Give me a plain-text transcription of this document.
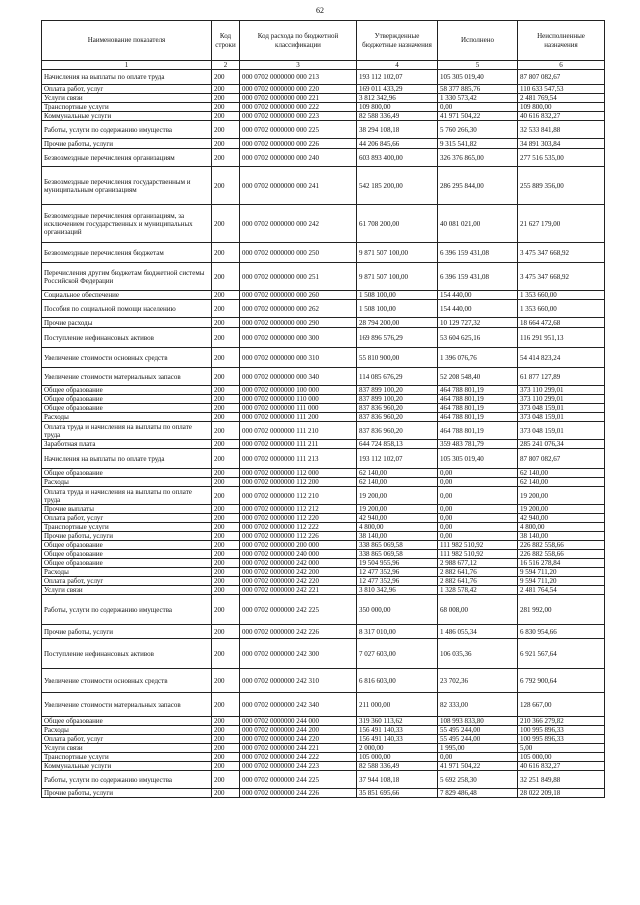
62
Наименование показателя	Код строки	Код расхода по бюджетной классификации	Утвержденные бюджетные назначения	Исполнено	Неисполненные назначения
1	2	3	4	5	6
Начисления на выплаты по оплате труда	200	000 0702 0000000 000 213	193 112 102,07	105 305 019,40	87 807 082,67
Оплата работ, услуг	200	000 0702 0000000 000 220	169 011 433,29	58 377 885,76	110 633 547,53
Услуги связи	200	000 0702 0000000 000 221	3 812 342,96	1 330 573,42	2 481 769,54
Транспортные услуги	200	000 0702 0000000 000 222	109 800,00	0,00	109 800,00
Коммунальные услуги	200	000 0702 0000000 000 223	82 588 336,49	41 971 504,22	40 616 832,27
Работы, услуги по содержанию имущества	200	000 0702 0000000 000 225	38 294 108,18	5 760 266,30	32 533 841,88
Прочие работы, услуги	200	000 0702 0000000 000 226	44 206 845,66	9 315 541,82	34 891 303,84
Безвозмездные перечисления организациям	200	000 0702 0000000 000 240	603 893 400,00	326 376 865,00	277 516 535,00
Безвозмездные перечисления государственным и муниципальным организациям	200	000 0702 0000000 000 241	542 185 200,00	286 295 844,00	255 889 356,00
Безвозмездные перечисления организациям, за исключением государственных и муниципальных организаций	200	000 0702 0000000 000 242	61 708 200,00	40 081 021,00	21 627 179,00
Безвозмездные перечисления бюджетам	200	000 0702 0000000 000 250	9 871 507 100,00	6 396 159 431,08	3 475 347 668,92
Перечисления другим бюджетам бюджетной системы Российской Федерации	200	000 0702 0000000 000 251	9 871 507 100,00	6 396 159 431,08	3 475 347 668,92
Социальное обеспечение	200	000 0702 0000000 000 260	1 508 100,00	154 440,00	1 353 660,00
Пособия по социальной помощи населению	200	000 0702 0000000 000 262	1 508 100,00	154 440,00	1 353 660,00
Прочие расходы	200	000 0702 0000000 000 290	28 794 200,00	10 129 727,32	18 664 472,68
Поступление нефинансовых активов	200	000 0702 0000000 000 300	169 896 576,29	53 604 625,16	116 291 951,13
Увеличение стоимости основных средств	200	000 0702 0000000 000 310	55 810 900,00	1 396 076,76	54 414 823,24
Увеличение стоимости материальных запасов	200	000 0702 0000000 000 340	114 085 676,29	52 208 548,40	61 877 127,89
Общее образование	200	000 0702 0000000 100 000	837 899 100,20	464 788 801,19	373 110 299,01
Общее образование	200	000 0702 0000000 110 000	837 899 100,20	464 788 801,19	373 110 299,01
Общее образование	200	000 0702 0000000 111 000	837 836 960,20	464 788 801,19	373 048 159,01
Расходы	200	000 0702 0000000 111 200	837 836 960,20	464 788 801,19	373 048 159,01
Оплата труда и начисления на выплаты по оплате труда	200	000 0702 0000000 111 210	837 836 960,20	464 788 801,19	373 048 159,01
Заработная плата	200	000 0702 0000000 111 211	644 724 858,13	359 483 781,79	285 241 076,34
Начисления на выплаты по оплате труда	200	000 0702 0000000 111 213	193 112 102,07	105 305 019,40	87 807 082,67
Общее образование	200	000 0702 0000000 112 000	62 140,00	0,00	62 140,00
Расходы	200	000 0702 0000000 112 200	62 140,00	0,00	62 140,00
Оплата труда и начисления на выплаты по оплате труда	200	000 0702 0000000 112 210	19 200,00	0,00	19 200,00
Прочие выплаты	200	000 0702 0000000 112 212	19 200,00	0,00	19 200,00
Оплата работ, услуг	200	000 0702 0000000 112 220	42 940,00	0,00	42 940,00
Транспортные услуги	200	000 0702 0000000 112 222	4 800,00	0,00	4 800,00
Прочие работы, услуги	200	000 0702 0000000 112 226	38 140,00	0,00	38 140,00
Общее образование	200	000 0702 0000000 200 000	338 865 069,58	111 982 510,92	226 882 558,66
Общее образование	200	000 0702 0000000 240 000	338 865 069,58	111 982 510,92	226 882 558,66
Общее образование	200	000 0702 0000000 242 000	19 504 955,96	2 988 677,12	16 516 278,84
Расходы	200	000 0702 0000000 242 200	12 477 352,96	2 882 641,76	9 594 711,20
Оплата работ, услуг	200	000 0702 0000000 242 220	12 477 352,96	2 882 641,76	9 594 711,20
Услуги связи	200	000 0702 0000000 242 221	3 810 342,96	1 328 578,42	2 481 764,54
Работы, услуги по содержанию имущества	200	000 0702 0000000 242 225	350 000,00	68 008,00	281 992,00
Прочие работы, услуги	200	000 0702 0000000 242 226	8 317 010,00	1 486 055,34	6 830 954,66
Поступление нефинансовых активов	200	000 0702 0000000 242 300	7 027 603,00	106 035,36	6 921 567,64
Увеличение стоимости основных средств	200	000 0702 0000000 242 310	6 816 603,00	23 702,36	6 792 900,64
Увеличение стоимости материальных запасов	200	000 0702 0000000 242 340	211 000,00	82 333,00	128 667,00
Общее образование	200	000 0702 0000000 244 000	319 360 113,62	108 993 833,80	210 366 279,82
Расходы	200	000 0702 0000000 244 200	156 491 140,33	55 495 244,00	100 995 896,33
Оплата работ, услуг	200	000 0702 0000000 244 220	156 491 140,33	55 495 244,00	100 995 896,33
Услуги связи	200	000 0702 0000000 244 221	2 000,00	1 995,00	5,00
Транспортные услуги	200	000 0702 0000000 244 222	105 000,00	0,00	105 000,00
Коммунальные услуги	200	000 0702 0000000 244 223	82 588 336,49	41 971 504,22	40 616 832,27
Работы, услуги по содержанию имущества	200	000 0702 0000000 244 225	37 944 108,18	5 692 258,30	32 251 849,88
Прочие работы, услуги	200	000 0702 0000000 244 226	35 851 695,66	7 829 486,48	28 022 209,18
